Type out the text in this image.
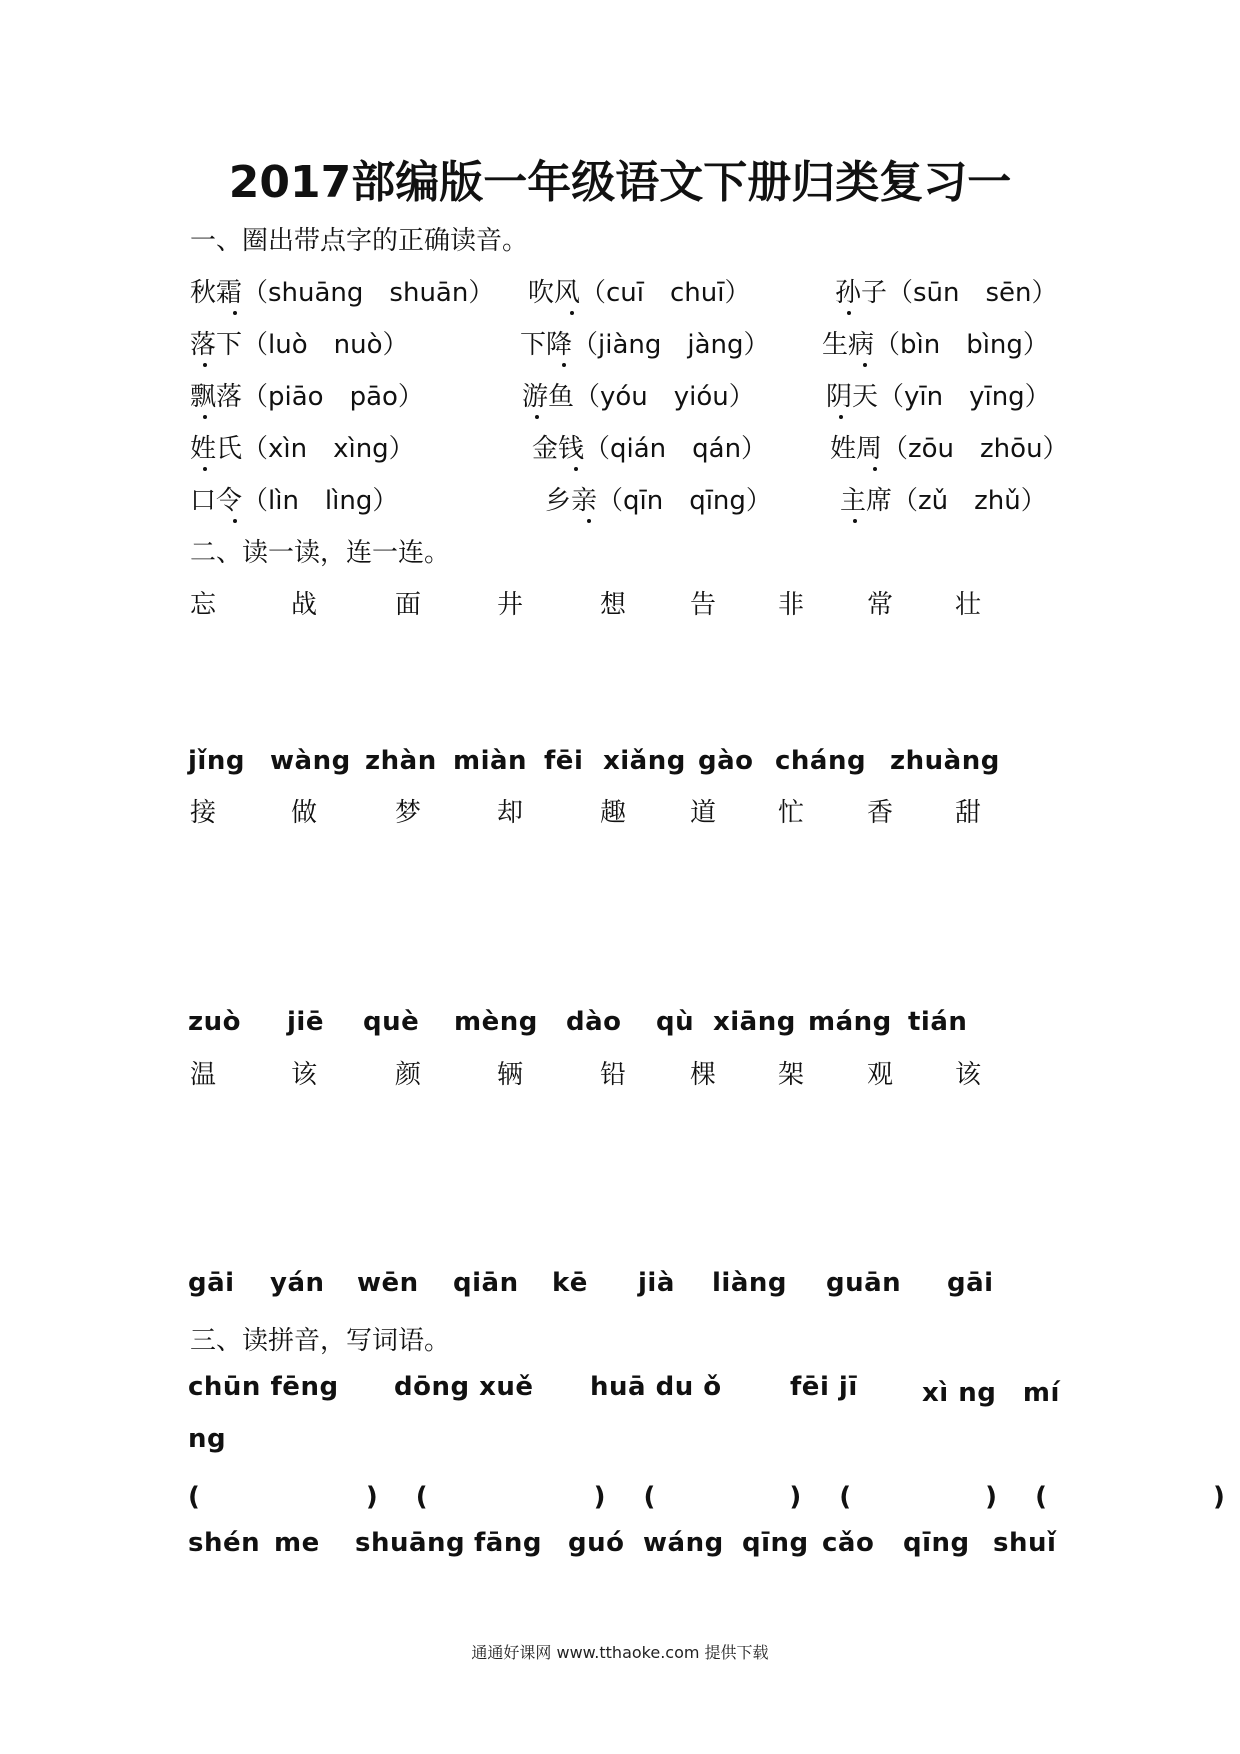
2017部编版一年级语文下册归类复习一
一、圈出带点字的正确读音。
秋霜（shuāng　shuān） 吹风（cuī　chuī）	孙子（sūn　sēn）
落下（luò　nuò）	下降（jiàng　jàng） 生病（bìn　bìng）
飘落（piāo　pāo）	游鱼（yóu　yióu）	阴天（yīn　yīng）
姓氏（xìn　xìng）	金钱（qián　qán） 姓周（zōu　zhōu）
口令（lìn　lìng）	乡亲（qīn　qīng）	主席（zǔ　zhǔ）
二、读一读，连一连。
忘	战	面	井	想 告 非 常 壮
jǐng wàng zhàn miàn fēi xiǎng gào cháng zhuàng
接	做	梦	却	趣 道 忙 香 甜
zuò jiē què mèng dào qù xiāng máng tián
温	该	颜	辆	铅 棵 架 观 该
gāi yán wēn qiān kē jià liàng guān gāi
三、读拼音，写词语。
chūn fēng dōng xuě huā du ǒ	fēi jī xì ng　mí
ng
(　　　　　)　(　　　　　)　(　　　　)　(　　　　)　(　　　　　)
shén me shuāng fāng guó wáng qīng cǎo qīng shuǐ
通通好课网 www.tthaoke.com 提供下载
